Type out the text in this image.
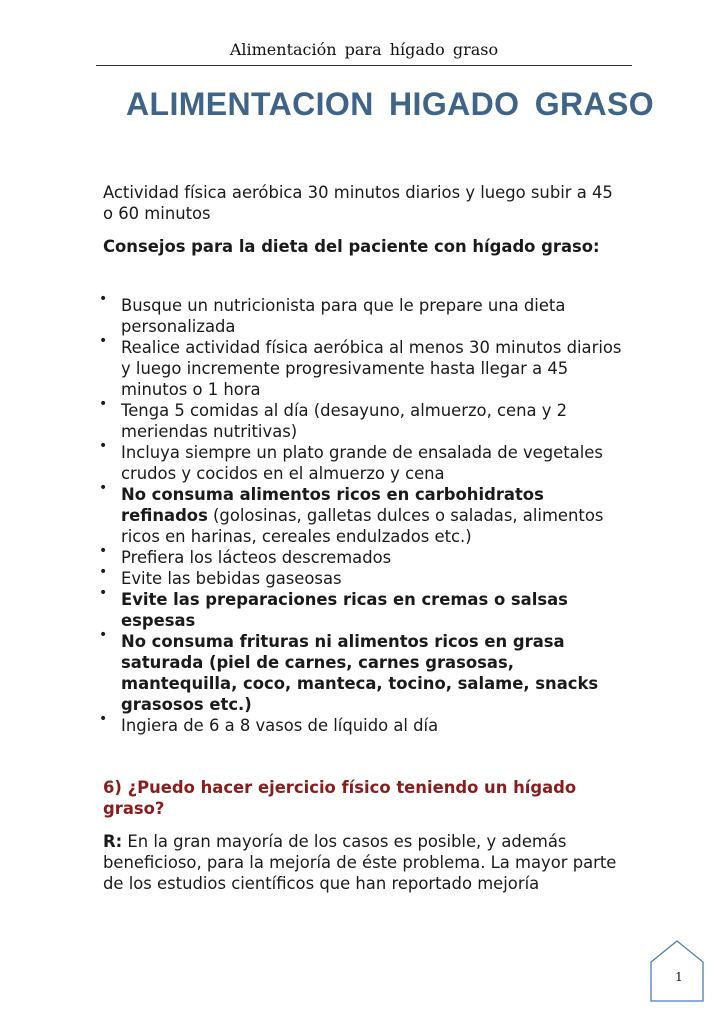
Alimentación para hígado graso
ALIMENTACION HIGADO GRASO

Actividad física aeróbica 30 minutos diarios y luego subir a 45 o 60 minutos

Consejos para la dieta del paciente con hígado graso:

• Busque un nutricionista para que le prepare una dieta personalizada
• Realice actividad física aeróbica al menos 30 minutos diarios y luego incremente progresivamente hasta llegar a 45 minutos o 1 hora
• Tenga 5 comidas al día (desayuno, almuerzo, cena y 2 meriendas nutritivas)
• Incluya siempre un plato grande de ensalada de vegetales crudos y cocidos en el almuerzo y cena
• No consuma alimentos ricos en carbohidratos refinados (golosinas, galletas dulces o saladas, alimentos ricos en harinas, cereales endulzados etc.)
• Prefiera los lácteos descremados
• Evite las bebidas gaseosas
• Evite las preparaciones ricas en cremas o salsas espesas
• No consuma frituras ni alimentos ricos en grasa saturada (piel de carnes, carnes grasosas, mantequilla, coco, manteca, tocino, salame, snacks grasosos etc.)
• Ingiera de 6 a 8 vasos de líquido al día

6) ¿Puedo hacer ejercicio físico teniendo un hígado graso?

R: En la gran mayoría de los casos es posible, y además beneficioso, para la mejoría de éste problema. La mayor parte de los estudios científicos que han reportado mejoría

1
